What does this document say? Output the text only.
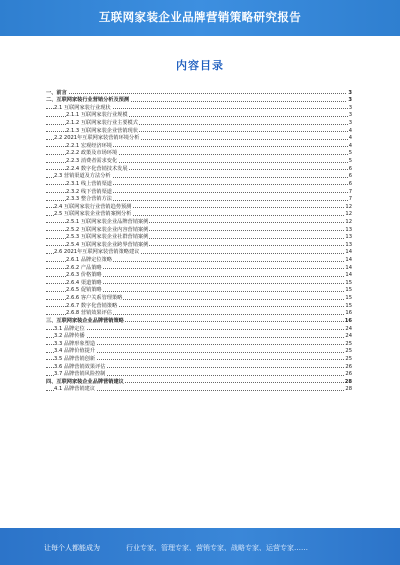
互联网家装企业品牌营销策略研究报告
内容目录
一、前言	3
二、互联网家装行业营销分析及预测	3
2.1 互联网家装行业现状	3
2.1.1 互联网家装行业规模	3
2.1.2 互联网家装行业主要模式	3
2.1.3 互联网家装企业营销现状	4
2.2 2021年互联网家装营销环境分析	4
2.2.1 宏观经济环境	4
2.2.2 政策及市场环境	5
2.2.3 消费者需求变化	5
2.2.4 数字化营销技术发展	6
2.3 营销渠道及方法分析	6
2.3.1 线上营销渠道	6
2.3.2 线下营销渠道	7
2.3.3 整合营销方法	7
2.4 互联网家装行业营销趋势预测	12
2.5 互联网家装企业营销案例分析	12
2.5.1 互联网家装企业品牌营销案例	12
2.5.2 互联网家装企业内容营销案例	13
2.5.3 互联网家装企业社群营销案例	13
2.5.4 互联网家装企业跨界营销案例	13
2.6 2021年互联网家装营销策略建议	14
2.6.1 品牌定位策略	14
2.6.2 产品策略	14
2.6.3 价格策略	14
2.6.4 渠道策略	15
2.6.5 促销策略	15
2.6.6 客户关系管理策略	15
2.6.7 数字化营销策略	15
2.6.8 营销效果评估	16
三、互联网家装企业品牌营销策略	16
3.1 品牌定位	24
3.2 品牌传播	24
3.3 品牌形象塑造	25
3.4 品牌价值提升	25
3.5 品牌营销创新	25
3.6 品牌营销效果评估	26
3.7 品牌营销风险控制	26
四、互联网家装企业品牌营销建议	28
4.1 品牌营销建议	28
让每个人都能成为	行业专家、管理专家、营销专家、战略专家、运营专家……
